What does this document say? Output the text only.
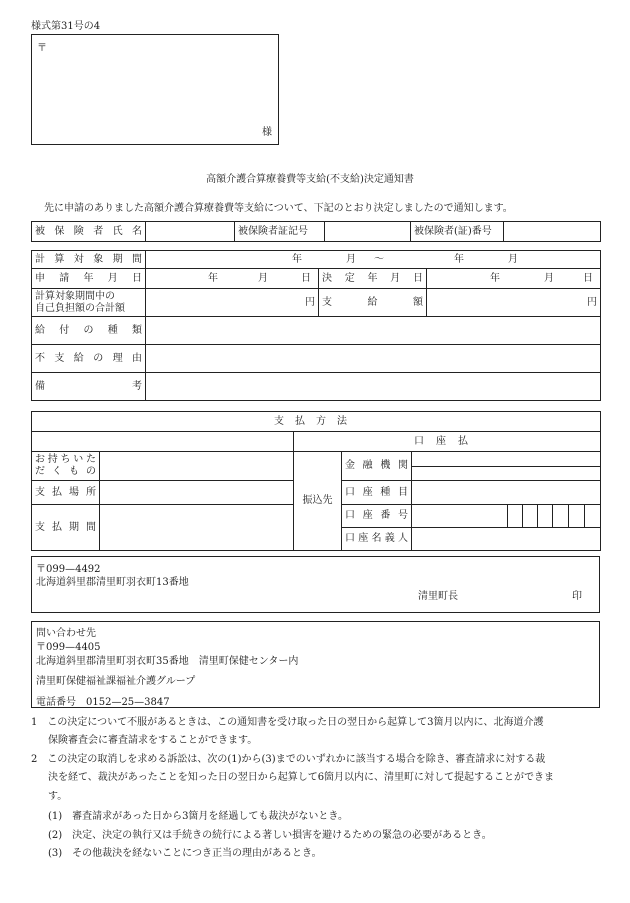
様式第31号の4
〒
様
高額介護合算療養費等支給(不支給)決定通知書
先に申請のありました高額介護合算療養費等支給について、下記のとおり決定しましたので通知します。
被保険者氏名		被保険者証記号		被保険者(証)番号	
計算対象期間	年 月 〜 年 月		

申請年月日	年 月 日	決定年月日	年 月 日

計算対象期間中の
自己負担額の合計額	円	支給額	円

給付の種類			

不支給の理由			

備考			

支払方法										
		口座払								

お持ちいた
だくもの		振込先	金融機関							

支払場所			口座種目							

支払期間			口座番号							

			口座名義人							

〒099—4492
北海道斜里郡清里町羽衣町13番地
清里町長	印
問い合わせ先
〒099—4405
北海道斜里郡清里町羽衣町35番地　清里町保健センター内
清里町保健福祉課福祉介護グループ
電話番号　0152—25—3847
1　この決定について不服があるときは、この通知書を受け取った日の翌日から起算して3箇月以内に、北海道介護
保険審査会に審査請求をすることができます。
2　この決定の取消しを求める訴訟は、次の(1)から(3)までのいずれかに該当する場合を除き、審査請求に対する裁
決を経て、裁決があったことを知った日の翌日から起算して6箇月以内に、清里町に対して提起することができま
す。
(1)　審査請求があった日から3箇月を経過しても裁決がないとき。
(2)　決定、決定の執行又は手続きの続行による著しい損害を避けるための緊急の必要があるとき。
(3)　その他裁決を経ないことにつき正当の理由があるとき。
